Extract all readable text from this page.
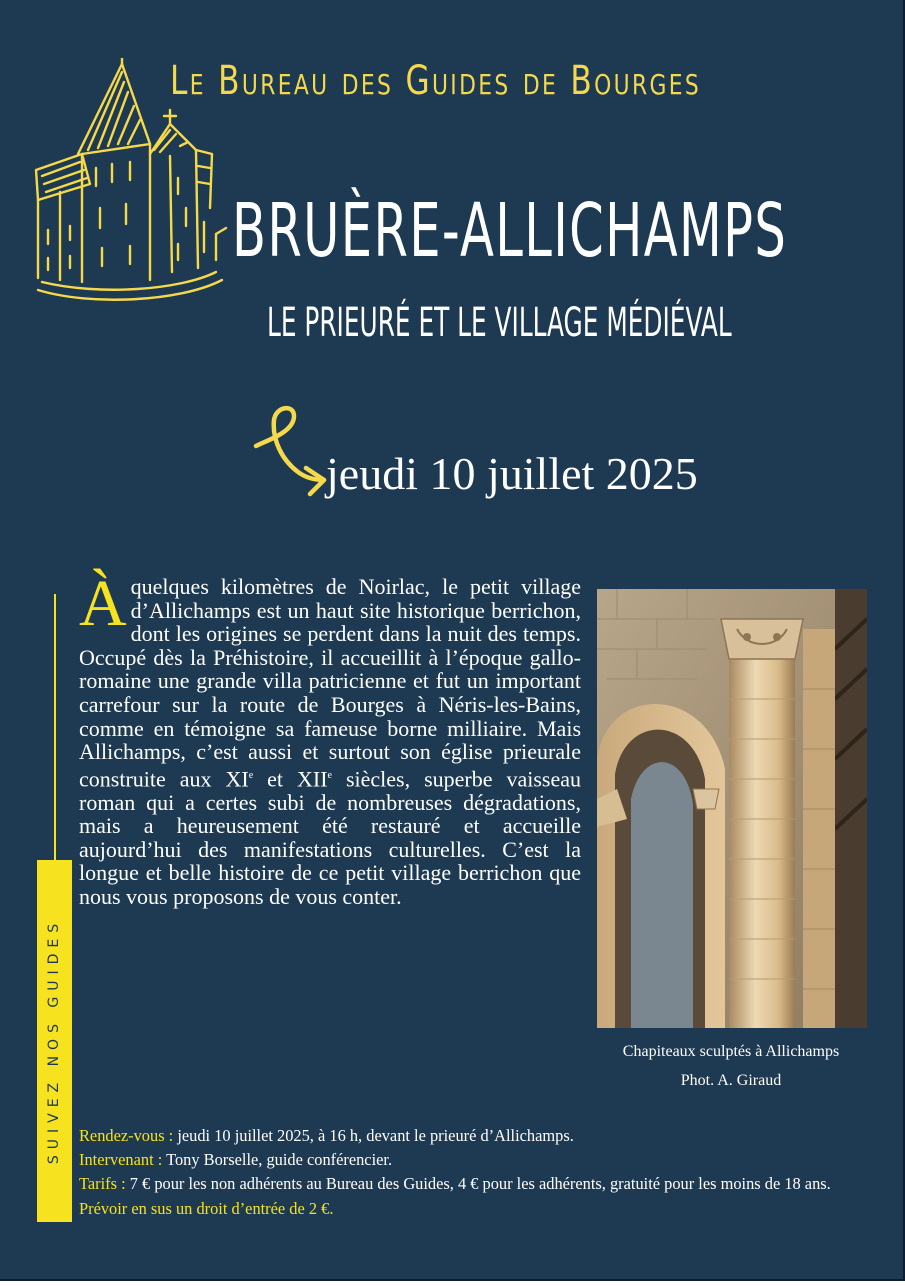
Le Bureau des Guides de Bourges
BRUÈRE-ALLICHAMPS
LE PRIEURÉ ET LE VILLAGE MÉDIÉVAL
jeudi 10 juillet 2025
SUIVEZ NOS GUIDES
À quelques kilomètres de Noirlac, le petit village d’Allichamps est un haut site historique berrichon, dont les origines se perdent dans la nuit des temps. Occupé dès la Préhistoire, il accueillit à l’époque gallo-romaine une grande villa patricienne et fut un important carrefour sur la route de Bourges à Néris-les-Bains, comme en témoigne sa fameuse borne milliaire. Mais Allichamps, c’est aussi et surtout son église prieurale construite aux XIe et XIIe siècles, superbe vaisseau roman qui a certes subi de nombreuses dégradations, mais a heureusement été restauré et accueille aujourd’hui des manifestations culturelles. C’est la longue et belle histoire de ce petit village berrichon que nous vous proposons de vous conter.
Chapiteaux sculptés à Allichamps
Phot. A. Giraud
Rendez-vous : jeudi 10 juillet 2025, à 16 h, devant le prieuré d’Allichamps.
Intervenant : Tony Borselle, guide conférencier.
Tarifs : 7 € pour les non adhérents au Bureau des Guides, 4 € pour les adhérents, gratuité pour les moins de 18 ans. Prévoir en sus un droit d’entrée de 2 €.
